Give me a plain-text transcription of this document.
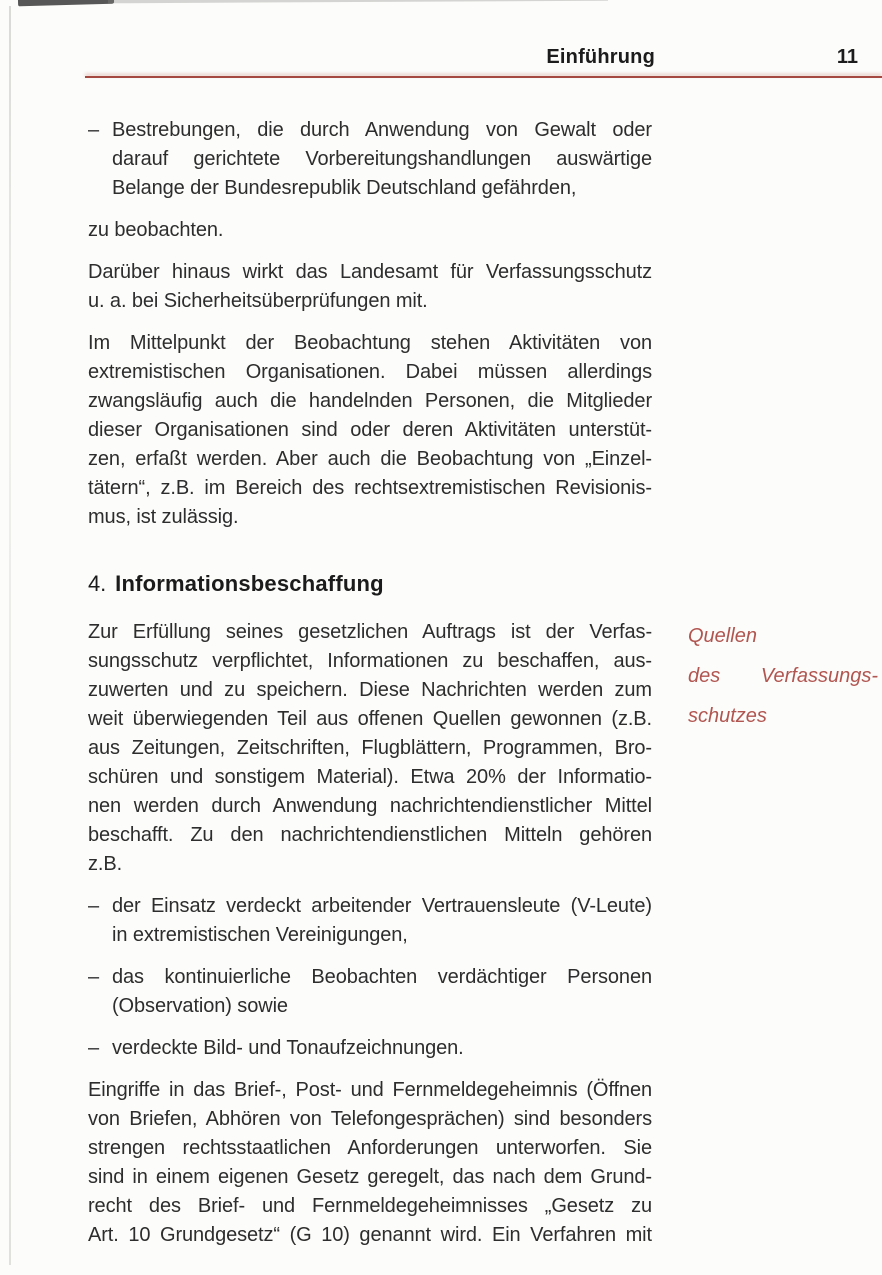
Einführung	11
– Bestrebungen, die durch Anwendung von Gewalt oder
darauf gerichtete Vorbereitungshandlungen auswärtige
Belange der Bundesrepublik Deutschland gefährden,
zu beobachten.
Darüber hinaus wirkt das Landesamt für Verfassungsschutz
u. a. bei Sicherheitsüberprüfungen mit.
Im Mittelpunkt der Beobachtung stehen Aktivitäten von
extremistischen Organisationen. Dabei müssen allerdings
zwangsläufig auch die handelnden Personen, die Mitglieder
dieser Organisationen sind oder deren Aktivitäten unterstüt-
zen, erfaßt werden. Aber auch die Beobachtung von „Einzel-
tätern“, z.B. im Bereich des rechtsextremistischen Revisionis-
mus, ist zulässig.
4. Informationsbeschaffung
Zur Erfüllung seines gesetzlichen Auftrags ist der Verfas-
sungsschutz verpflichtet, Informationen zu beschaffen, aus-
zuwerten und zu speichern. Diese Nachrichten werden zum
weit überwiegenden Teil aus offenen Quellen gewonnen (z.B.
aus Zeitungen, Zeitschriften, Flugblättern, Programmen, Bro-
schüren und sonstigem Material). Etwa 20% der Informatio-
nen werden durch Anwendung nachrichtendienstlicher Mittel
beschafft. Zu den nachrichtendienstlichen Mitteln gehören
z.B.
– der Einsatz verdeckt arbeitender Vertrauensleute (V-Leute)
in extremistischen Vereinigungen,
– das kontinuierliche Beobachten verdächtiger Personen
(Observation) sowie
– verdeckte Bild- und Tonaufzeichnungen.
Eingriffe in das Brief-, Post- und Fernmeldegeheimnis (Öffnen
von Briefen, Abhören von Telefongesprächen) sind besonders
strengen rechtsstaatlichen Anforderungen unterworfen. Sie
sind in einem eigenen Gesetz geregelt, das nach dem Grund-
recht des Brief- und Fernmeldegeheimnisses „Gesetz zu
Art. 10 Grundgesetz“ (G 10) genannt wird. Ein Verfahren mit
Quellen
des Verfassungs-
schutzes
